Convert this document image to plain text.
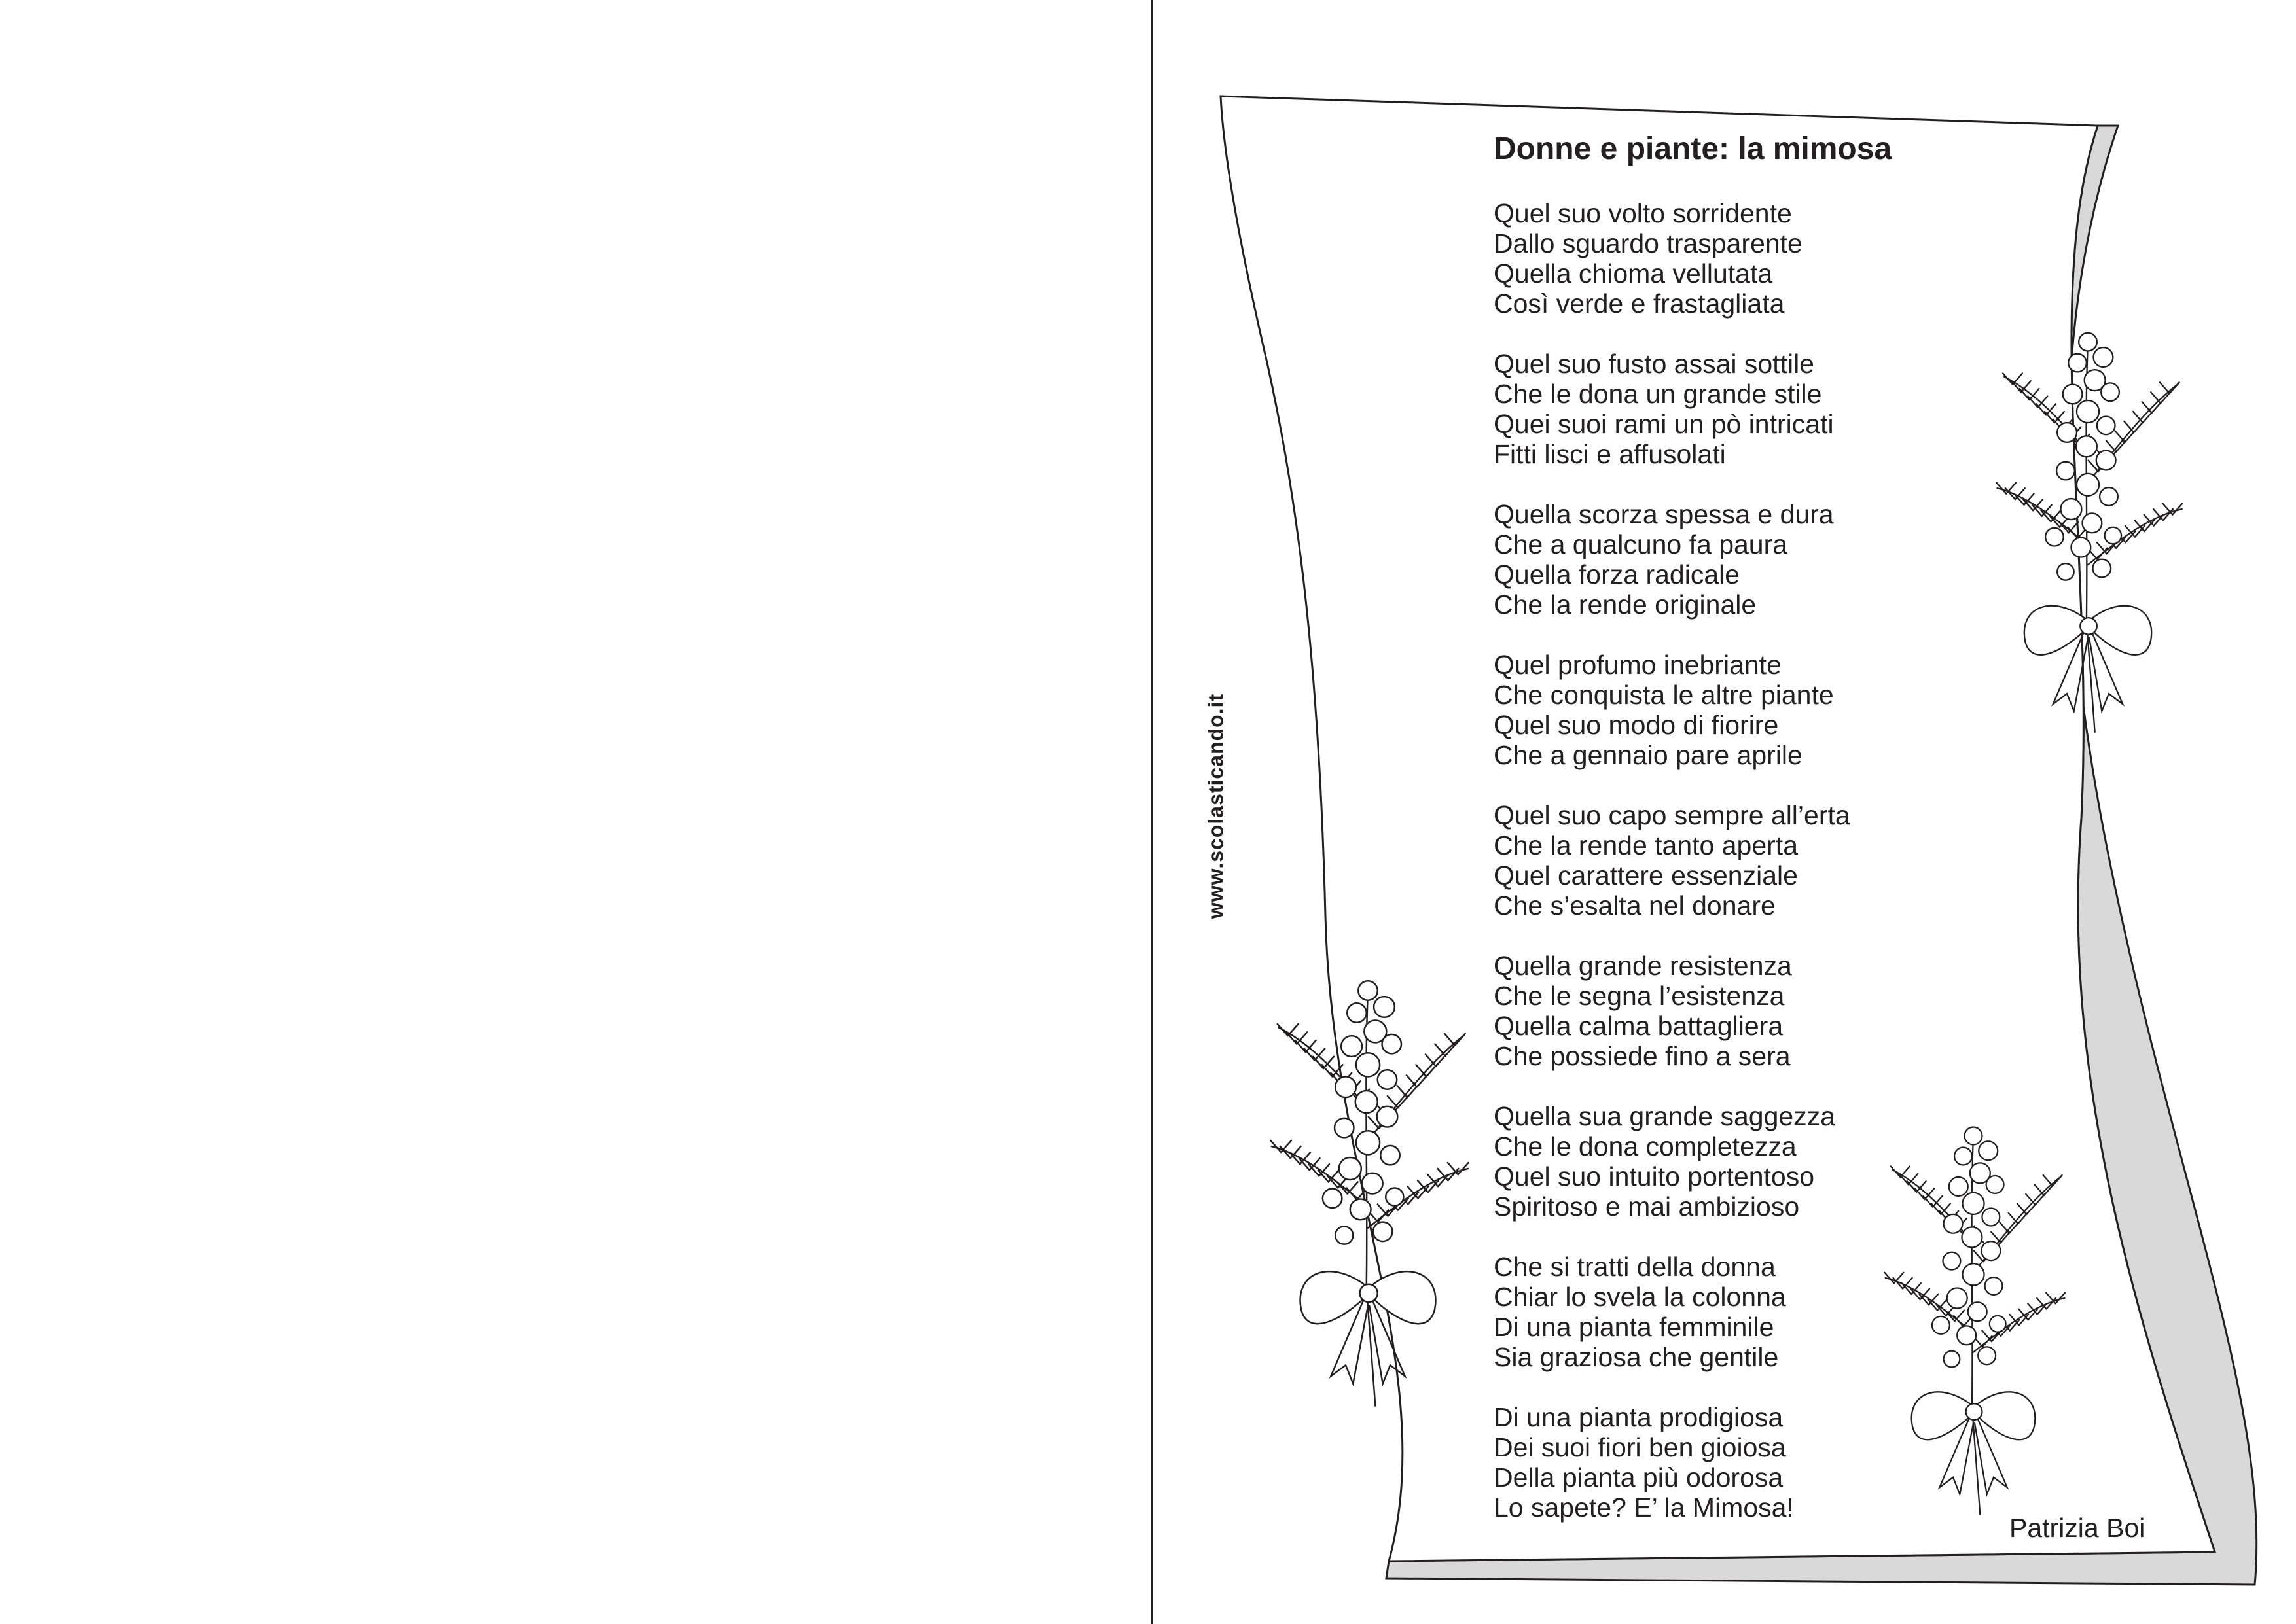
www.scolasticando.it
Donne e piante: la mimosa
Quel suo volto sorridente
Dallo sguardo trasparente
Quella chioma vellutata
Così verde e frastagliata
Quel suo fusto assai sottile
Che le dona un grande stile
Quei suoi rami un pò intricati
Fitti lisci e affusolati
Quella scorza spessa e dura
Che a qualcuno fa paura
Quella forza radicale
Che la rende originale
Quel profumo inebriante
Che conquista le altre piante
Quel suo modo di fiorire
Che a gennaio pare aprile
Quel suo capo sempre all’erta
Che la rende tanto aperta
Quel carattere essenziale
Che s’esalta nel donare
Quella grande resistenza
Che le segna l’esistenza
Quella calma battagliera
Che possiede fino a sera
Quella sua grande saggezza
Che le dona completezza
Quel suo intuito portentoso
Spiritoso e mai ambizioso
Che si tratti della donna
Chiar lo svela la colonna
Di una pianta femminile
Sia graziosa che gentile
Di una pianta prodigiosa
Dei suoi fiori ben gioiosa
Della pianta più odorosa
Lo sapete? E’ la Mimosa!
Patrizia Boi
